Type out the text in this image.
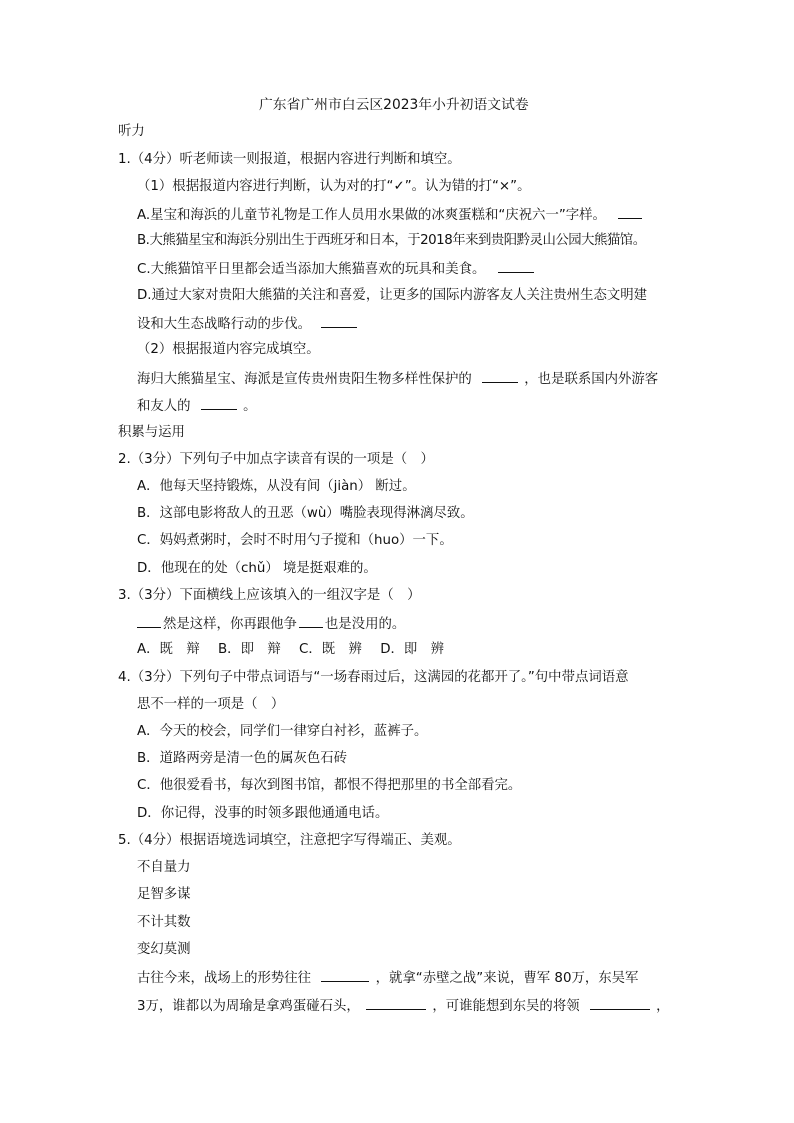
广东省广州市白云区2023年小升初语文试卷
听力
1.（4分）听老师读一则报道，根据内容进行判断和填空。
（1）根据报道内容进行判断，认为对的打“✓”。认为错的打“×”。
A.星宝和海浜的儿童节礼物是工作人员用水果做的冰爽蛋糕和“庆祝六一”字样。
B.大熊猫星宝和海浜分别出生于西班牙和日本，于2018年来到贵阳黔灵山公园大熊猫馆。
C.大熊猫馆平日里都会适当添加大熊猫喜欢的玩具和美食。
D.通过大家对贵阳大熊猫的关注和喜爱，让更多的国际内游客友人关注贵州生态文明建
设和大生态战略行动的步伐。
（2）根据报道内容完成填空。
海归大熊猫星宝、海派是宣传贵州贵阳生物多样性保护的	，也是联系国内外游客
和友人的	。
积累与运用
2.（3分）下列句子中加点字读音有误的一项是（　）
A．他每天坚持锻炼，从没有间（jiàn） 断过。
B．这部电影将敌人的丑恶（wù）嘴脸表现得淋漓尽致。
C．妈妈煮粥时，会时不时用勺子搅和（huo）一下。
D．他现在的处（chǔ） 境是挺艰难的。
3.（3分）下面横线上应该填入的一组汉字是（　）
然是这样，你再跟他争 也是没用的。
A．既　辩 B．即　辩 C．既　辨 D．即　辨
4.（3分）下列句子中带点词语与“一场春雨过后，这满园的花都开了。”句中带点词语意
思不一样的一项是（　）
A．今天的校会，同学们一律穿白衬衫，蓝裤子。
B．道路两旁是清一色的属灰色石砖
C．他很爱看书，每次到图书馆，都恨不得把那里的书全部看完。
D．你记得，没事的时领多跟他通通电话。
5.（4分）根据语境选词填空，注意把字写得端正、美观。
不自量力
足智多谋
不计其数
变幻莫测
古往今来，战场上的形势往往	，就拿“赤壁之战”来说，曹军 80万，东吴军
3万，谁都以为周瑜是拿鸡蛋碰石头，	，可谁能想到东吴的将领	，
